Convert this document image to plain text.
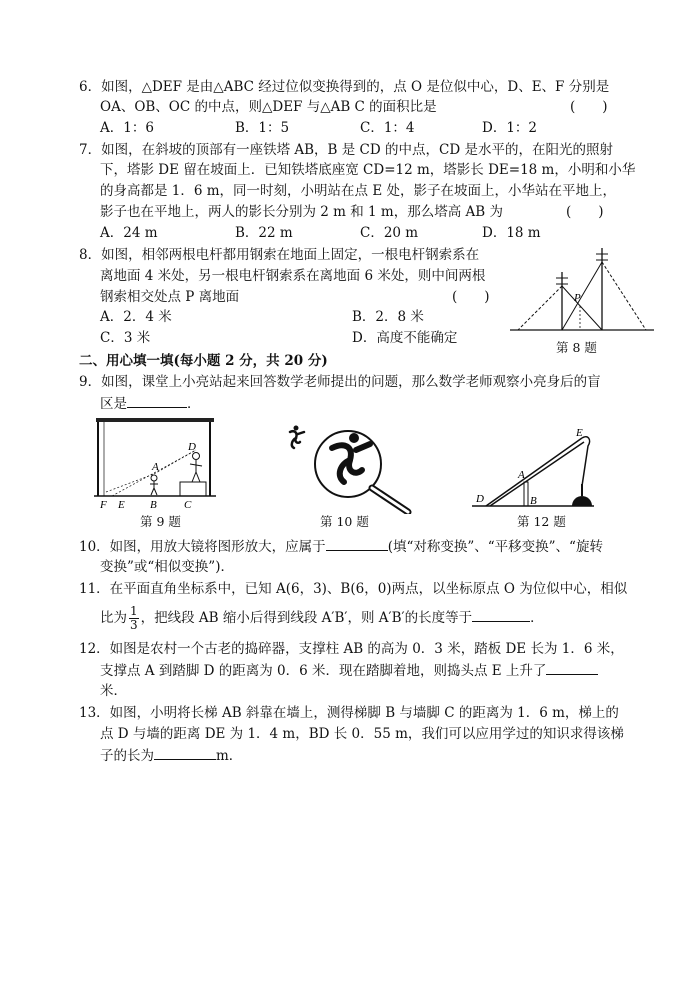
6．如图，△DEF 是由△ABC 经过位似变换得到的，点 O 是位似中心，D、E、F 分别是
OA、OB、OC 的中点，则△DEF 与△AB C 的面积比是	(　　)
A．1：6	B．1：5	C．1：4	D．1：2
7．如图，在斜坡的顶部有一座铁塔 AB，B 是 CD 的中点，CD 是水平的，在阳光的照射
下，塔影 DE 留在坡面上．已知铁塔底座宽 CD=12 m，塔影长 DE=18 m，小明和小华
的身高都是 1．6 m，同一时刻，小明站在点 E 处，影子在坡面上，小华站在平地上，
影子也在平地上，两人的影长分别为 2 m 和 1 m，那么塔高 AB 为	(　　)
A．24 m	B．22 m	C．20 m	D．18 m
8．如图，相邻两根电杆都用钢索在地面上固定，一根电杆钢索系在
离地面 4 米处，另一根电杆钢索系在离地面 6 米处，则中间两根
钢索相交处点 P 离地面	(　　)
A．2．4 米	B．2．8 米
C．3 米	D．高度不能确定
P
第 8 题
二、用心填一填(每小题 2 分，共 20 分)
9．如图，课堂上小亮站起来回答数学老师提出的问题，那么数学老师观察小亮身后的盲
区是	．
F E B C
A
D
第 9 题	第 10 题
D
A
B
E
第 12 题
10．如图，用放大镜将图形放大，应属于	(填“对称变换”、“平移变换”、“旋转
变换”或“相似变换”)．
11．在平面直角坐标系中，已知 A(6，3)、B(6，0)两点，以坐标原点 O 为位似中心，相似
比为 $\frac{1}{3}$ ，把线段 AB 缩小后得到线段 A′B′，则 A′B′的长度等于	．
12．如图是农村一个古老的捣碎器，支撑柱 AB 的高为 0．3 米，踏板 DE 长为 1．6 米，
支撑点 A 到踏脚 D 的距离为 0．6 米．现在踏脚着地，则捣头点 E 上升了
米．
13．如图，小明将长梯 AB 斜靠在墙上，测得梯脚 B 与墙脚 C 的距离为 1．6 m，梯上的
点 D 与墙的距离 DE 为 1．4 m，BD 长 0．55 m，我们可以应用学过的知识求得该梯
子的长为	m．
